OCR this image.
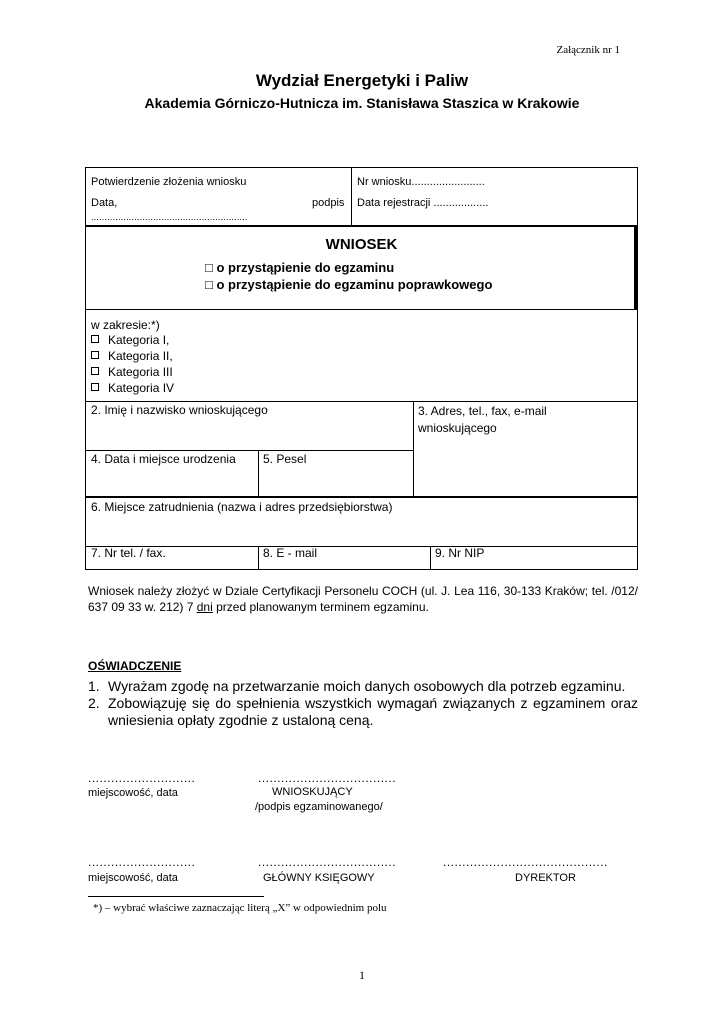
Załącznik nr 1
Wydział Energetyki i Paliw
Akademia Górniczo-Hutnicza im. Stanisława Staszica w Krakowie
Potwierdzenie złożenia wniosku
Data,	podpis
..........................................................
Nr wniosku........................
Data rejestracji ..................
WNIOSEK
□ o przystąpienie do egzaminu
□ o przystąpienie do egzaminu poprawkowego
w zakresie:*)
Kategoria I,
Kategoria II,
Kategoria III
Kategoria IV
2. Imię i nazwisko wnioskującego	3. Adres, tel., fax, e-mail wnioskującego
4. Data i miejsce urodzenia 5. Pesel
6. Miejsce zatrudnienia (nazwa i adres przedsiębiorstwa)
7. Nr tel. / fax.	8. E - mail	9. Nr NIP
Wniosek należy złożyć w Dziale Certyfikacji Personelu COCH (ul. J. Lea 116, 30-133 Kraków; tel. /012/ 637 09 33 w. 212) 7 dni przed planowanym terminem egzaminu.
OŚWIADCZENIE
1. Wyrażam zgodę na przetwarzanie moich danych osobowych dla potrzeb egzaminu.
2. Zobowiązuję się do spełnienia wszystkich wymagań związanych z egzaminem oraz wniesienia opłaty zgodnie z ustaloną ceną.
............................
miejscowość, data
....................................
WNIOSKUJĄCY
/podpis egzaminowanego/
............................
miejscowość, data
....................................
GŁÓWNY KSIĘGOWY
...........................................
DYREKTOR
*) – wybrać właściwe zaznaczając literą „X” w odpowiednim polu
1
